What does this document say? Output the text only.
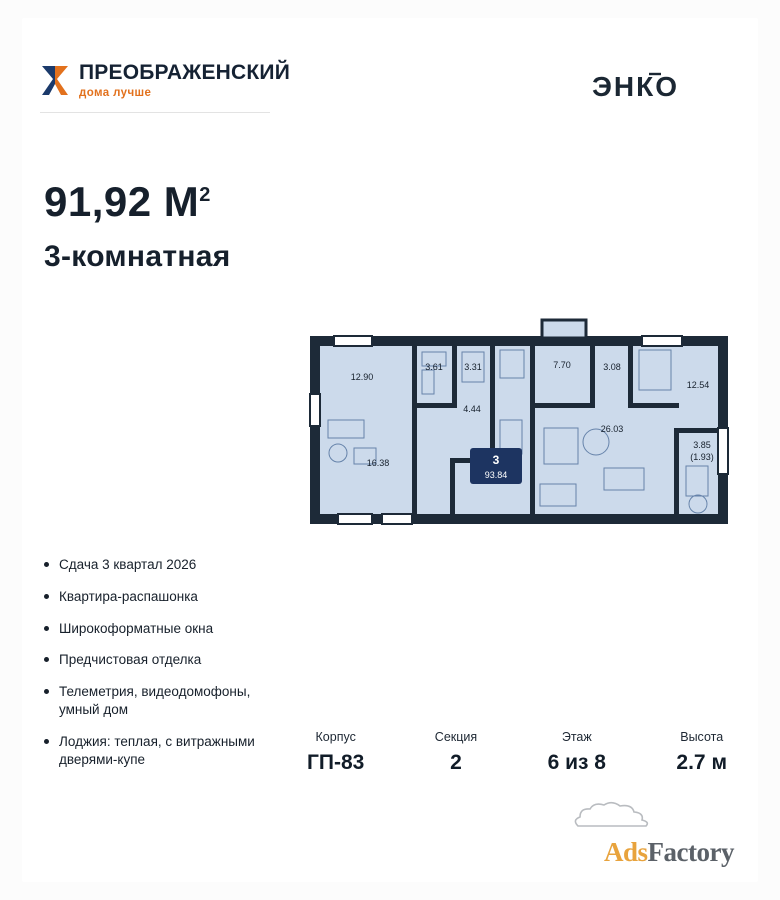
ПРЕОБРАЖЕНСКИЙ
дома лучше	ЭНКО
91,92 $М^2$
3-комнатная
Сдача 3 квартал 2026
Квартира-распашонка
Широкоформатные окна
Предчистовая отделка
Телеметрия, видеодомофоны, умный дом
Лоджия: теплая, с витражными дверями-купе
12.90
3.61 3.31	7.70	3.08
12.54
4.44
16.38
26.03
3.85
(1.93)
3
93.84
Корпус
ГП-83
Секция
2
Этаж
6 из 8
Высота
2.7 м
Ads Factory
